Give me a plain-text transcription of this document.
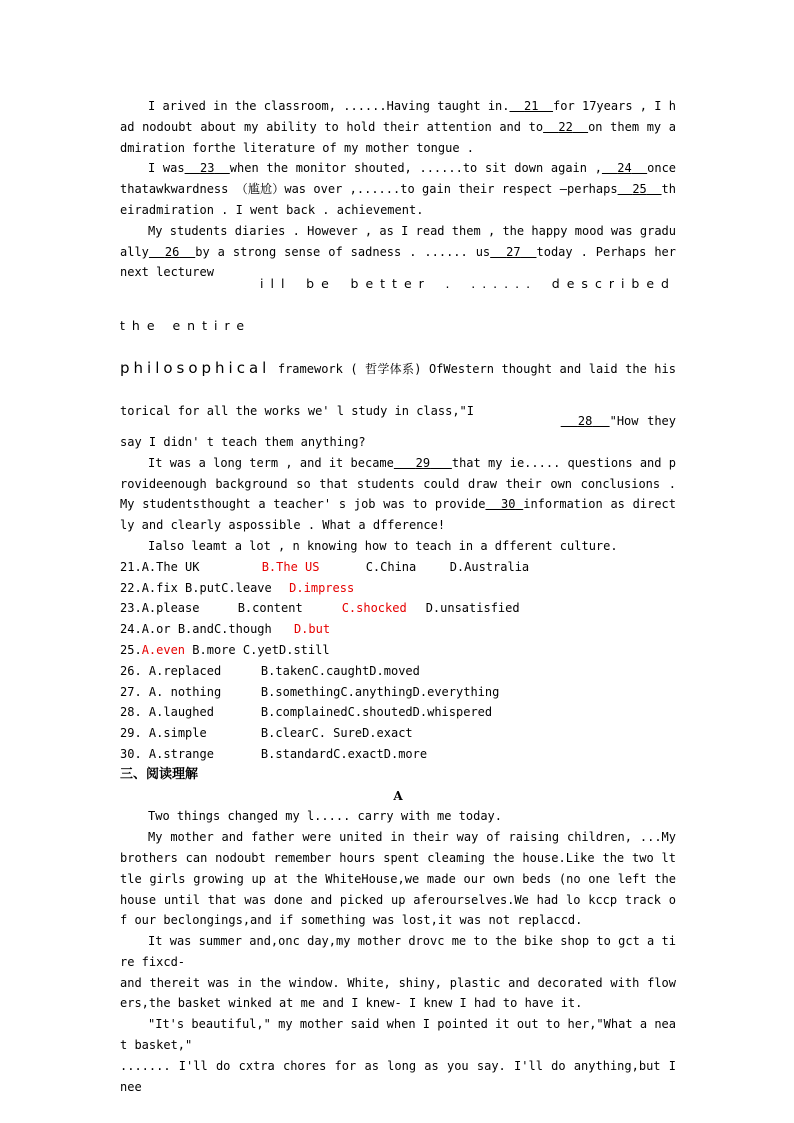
I arived in the classroom, ......Having taught in. 21 for 17years , I had nodoubt about my ability to hold their attention and to 22 on them my admiration forthe literature of my mother tongue .

I was 23 when the monitor shouted, ......to sit down again , 24 once thatawkwardness （尴尬）was over ,......to gain their respect —perhaps 25 theiradmiration . I went back . achievement.

My students diaries . However , as I read them , the happy mood was gradually 26 by a strong sense of sadness . ...... us 27 today . Perhaps her next lecturew

ill be better . ...... described the entire

philosophical framework ( 哲学体系) OfWestern thought and laid the historical for all the works we' l study in class,"I

28 "How they say I didn' t teach them anything?

It was a long term , and it became 29 that my ie..... questions and provideenough background so that students could draw their own conclusions . My studentsthought a teacher' s job was to provide 30 information as directly and clearly aspossible . What a dfference!

Ialso leamt a lot , n knowing how to teach in a dfferent culture.

21.A.The UK	B.The US	C.China	D.Australia

22.A.fix B.putC.leave D.impress

23.A.please	B.content	C.shocked D.unsatisfied

24.A.or B.andC.though D.but

25.A.even B.more C.yetD.still

26. A.replaced	B.takenC.caughtD.moved

27. A. nothing	B.somethingC.anythingD.everything

28. A.laughed	B.complainedC.shoutedD.whispered

29. A.simple	B.clearC. SureD.exact

30. A.strange	B.standardC.exactD.more

三、阅读理解

A

Two things changed my l..... carry with me today.

My mother and father were united in their way of raising children, ...My brothers can nodoubt remember hours spent cleaming the house.Like the two lttle girls growing up at the WhiteHouse,we made our own beds (no one left the house until that was done and picked up aferourselves.We had lo kccp track of our beclongings,and if something was lost,it was not replaccd.

It was summer and,onc day,my mother drovc me to the bike shop to gct a tire fixcd-

and thereit was in the window. White, shiny, plastic and decorated with flowers,the basket winked at me and I knew- I knew I had to have it.

"It's beautiful," my mother said when I pointed it out to her,"What a neat basket,"

....... I'll do cxtra chores for as long as you say. I'll do anything,but I nee
